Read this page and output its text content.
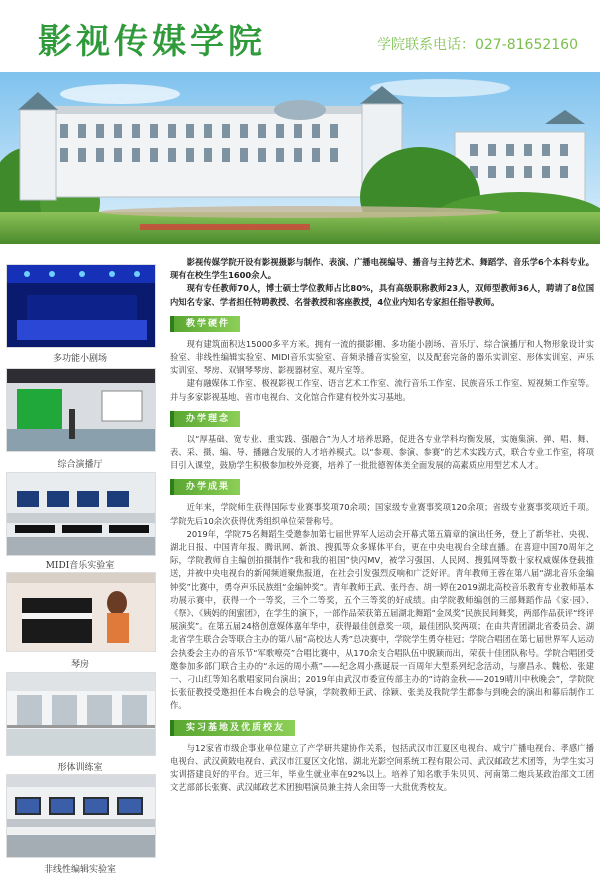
影视传媒学院	学院联系电话：027-81652160
多功能小剧场
综合演播厅
MIDI音乐实验室
琴房
形体训练室
非线性编辑实验室

影视传媒学院开设有影视摄影与制作、表演、广播电视编导、播音与主持艺术、舞蹈学、音乐学6个本科专业。现有在校生学生1600余人。

现有专任教师70人，博士硕士学位教师占比80%，具有高级职称教师23人，双师型教师36人，聘请了8位国内知名专家、学者担任特聘教授、名誉教授和客座教授，4位业内知名专家担任指导教师。

教学硬件

现有建筑面积达15000多平方米。拥有一流的摄影棚、多功能小剧场、音乐厅、综合演播厅和人物形象设计实验室、非线性编辑实验室、MIDI音乐实验室、音频录播音实验室，以及配套完备的器乐实训室、形体实训室、声乐实训室、琴房、双钢琴琴房、影视器材室、观片室等。

建有融媒体工作室、极视影视工作室、语言艺术工作室、流行音乐工作室、民族音乐工作室、短视频工作室等。并与多家影视基地、省市电视台、文化馆合作建有校外实习基地。

办学理念

以“厚基础、宽专业、重实践、强融合”为人才培养思路，促进各专业学科均衡发展，实施集演、弹、唱、舞、表、采、摄、编、导、播融合发展的人才培养模式。以“参观、参演、参赛”的艺术实践方式，联合专业工作室，将项目引入课堂，鼓励学生积极参加校外竞赛，培养了一批批德智体美全面发展的高素质应用型艺术人才。

办学成果

近年来，学院师生获得国际专业赛事奖项70余项；国家级专业赛事奖项120余项；省级专业赛事奖项近千项。学院先后10余次获得优秀组织单位荣誉称号。

2019年，学院75名舞蹈生受邀参加第七届世界军人运动会开幕式第五篇章的演出任务，登上了新华社、央视、湖北日报、中国青年报、腾讯网、新浪、搜狐等众多媒体平台，更在中央电视台全球直播。在喜迎中国70周年之际，学院教师自主编创拍摄制作“我和我的祖国”快闪MV，被学习强国、人民网、搜狐网等数十家权威媒体登载推送，并被中央电视台的新闻频道聚焦报道，在社会引发强烈反响和广泛好评。青年教师王蓉在第八届“湖北音乐金编钟奖”比赛中，勇夺声乐民族组“金编钟奖”。青年教师王武、张丹杏、胡一婷在2019湖北高校音乐教育专业教师基本功展示赛中，获得一个一等奖，三个二等奖，五个三等奖的好成绩。由学院教师编创的三部舞蹈作品《家·园》、《祭》、《姨妈的闺蜜团》，在学生的演下，一部作品荣获第五届湖北舞蹈“金凤奖”民族民间舞奖，两部作品获评“终评展演奖”。在第五届24格创意媒体嘉年华中，获得最佳创意奖一项，最佳团队奖两项；在由共青团湖北省委员会、湖北省学生联合会等联合主办的第八届“高校达人秀”总决赛中，学院学生勇夺桂冠；学院合唱团在第七届世界军人运动会执委会主办的音乐节“军歌嘹亮”合唱比赛中，从170余支合唱队伍中脱颖而出，荣获十佳团队称号。学院合唱团受邀参加多部门联合主办的“永远的周小燕”——纪念周小燕诞辰一百周年大型系列纪念活动，与廖昌永、魏松、张建一、刁山红等知名歌唱家同台演出；2019年由武汉市委宣传部主办的“诗韵金秋——2019晴川中秋晚会”，学院院长张征教授受邀担任本台晚会的总导演，学院教师王武、徐颖、张美及我院学生都参与到晚会的演出和幕后制作工作。

实习基地及优质校友

与12家省市级企事业单位建立了产学研共建协作关系，包括武汉市江夏区电视台、咸宁广播电视台、孝感广播电视台、武汉黄陂电视台、武汉市江夏区文化馆、湖北光影空间系统工程有限公司、武汉邮政艺术团等，为学生实习实训搭建良好的平台。近三年，毕业生就业率在92%以上。培养了知名歌手朱贝贝、河南第二炮兵某政治部文工团文艺部部长张赛、武汉邮政艺术团独唱演员兼主持人余田等一大批优秀校友。
